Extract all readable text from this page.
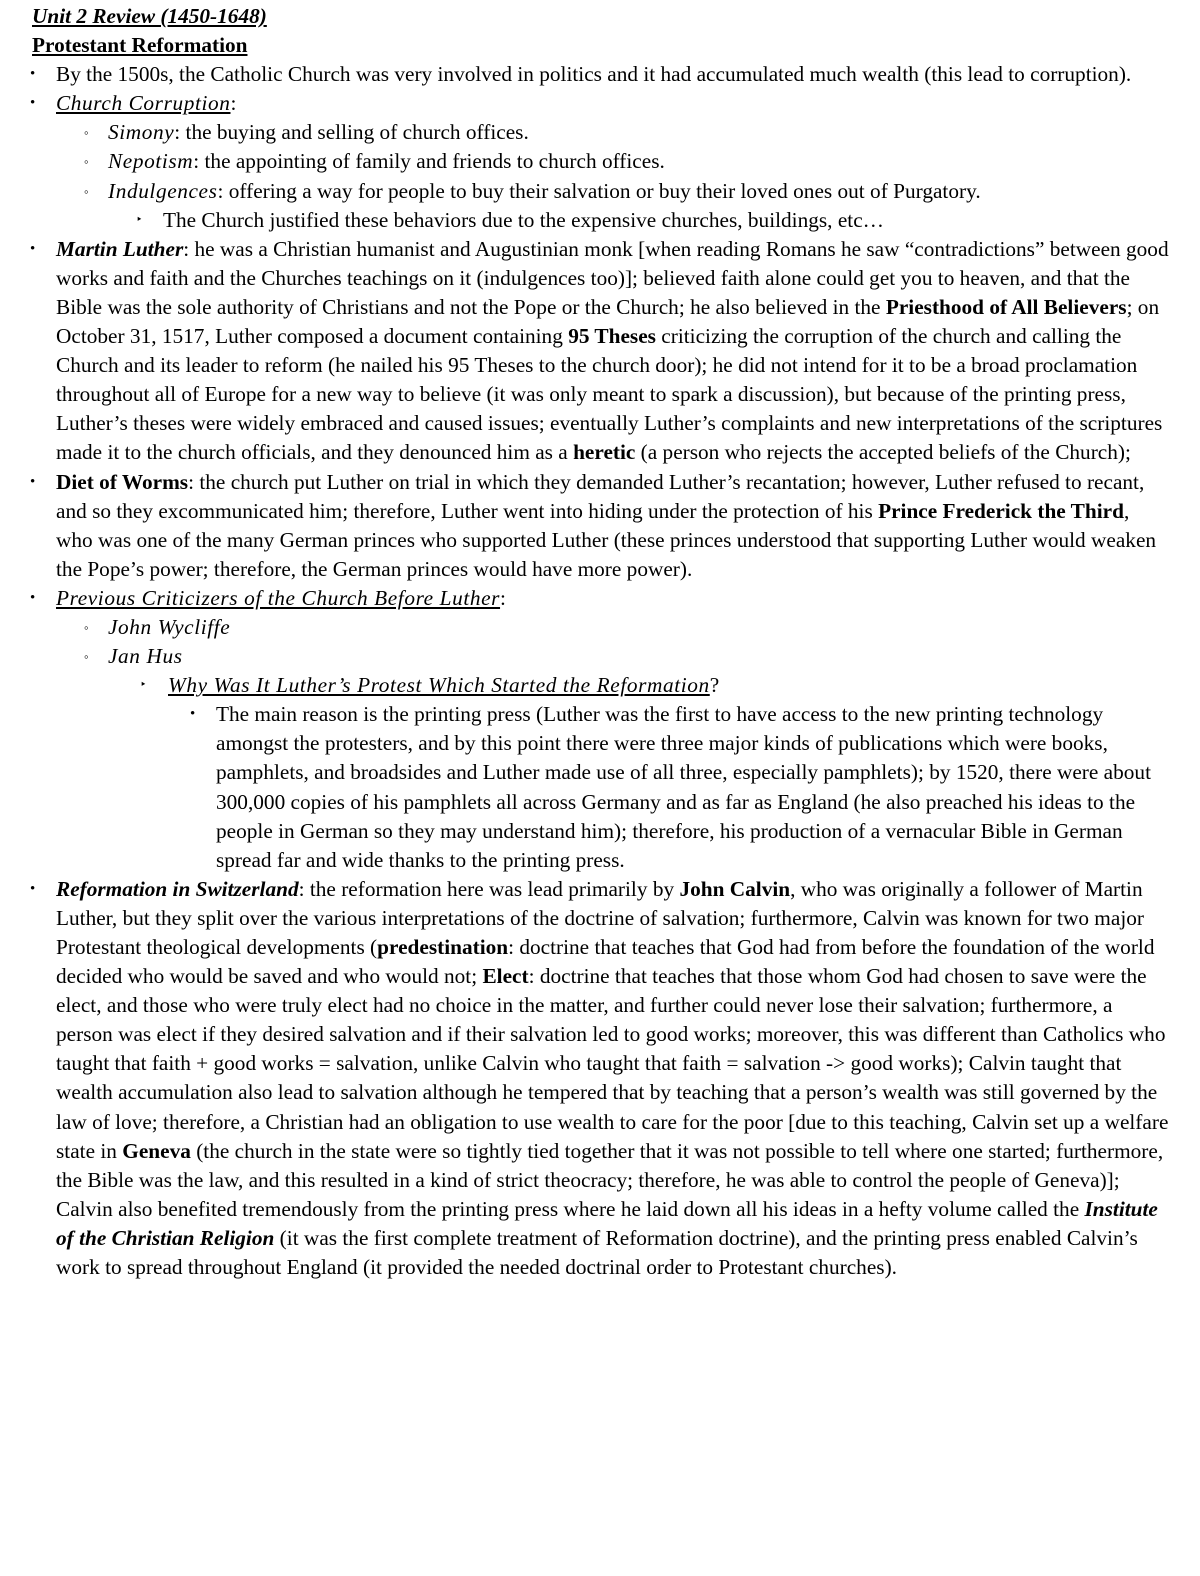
Unit 2 Review (1450-1648)
Protestant Reformation
• By the 1500s, the Catholic Church was very involved in politics and it had accumulated much wealth (this lead to corruption).
• Church Corruption:
◦ Simony: the buying and selling of church offices.
◦ Nepotism: the appointing of family and friends to church offices.
◦ Indulgences: offering a way for people to buy their salvation or buy their loved ones out of Purgatory.
‣ The Church justified these behaviors due to the expensive churches, buildings, etc…
• Martin Luther: he was a Christian humanist and Augustinian monk [when reading Romans he saw “contradictions” between good works and faith and the Churches teachings on it (indulgences too)]; believed faith alone could get you to heaven, and that the Bible was the sole authority of Christians and not the Pope or the Church; he also believed in the Priesthood of All Believers; on October 31, 1517, Luther composed a document containing 95 Theses criticizing the corruption of the church and calling the Church and its leader to reform (he nailed his 95 Theses to the church door); he did not intend for it to be a broad proclamation throughout all of Europe for a new way to believe (it was only meant to spark a discussion), but because of the printing press, Luther’s theses were widely embraced and caused issues; eventually Luther’s complaints and new interpretations of the scriptures made it to the church officials, and they denounced him as a heretic (a person who rejects the accepted beliefs of the Church);
• Diet of Worms: the church put Luther on trial in which they demanded Luther’s recantation; however, Luther refused to recant, and so they excommunicated him; therefore, Luther went into hiding under the protection of his Prince Frederick the Third, who was one of the many German princes who supported Luther (these princes understood that supporting Luther would weaken the Pope’s power; therefore, the German princes would have more power).
• Previous Criticizers of the Church Before Luther:
◦ John Wycliffe
◦ Jan Hus
‣ Why Was It Luther’s Protest Which Started the Reformation?
• The main reason is the printing press (Luther was the first to have access to the new printing technology amongst the protesters, and by this point there were three major kinds of publications which were books, pamphlets, and broadsides and Luther made use of all three, especially pamphlets); by 1520, there were about 300,000 copies of his pamphlets all across Germany and as far as England (he also preached his ideas to the people in German so they may understand him); therefore, his production of a vernacular Bible in German spread far and wide thanks to the printing press.
• Reformation in Switzerland: the reformation here was lead primarily by John Calvin, who was originally a follower of Martin Luther, but they split over the various interpretations of the doctrine of salvation; furthermore, Calvin was known for two major Protestant theological developments (predestination: doctrine that teaches that God had from before the foundation of the world decided who would be saved and who would not; Elect: doctrine that teaches that those whom God had chosen to save were the elect, and those who were truly elect had no choice in the matter, and further could never lose their salvation; furthermore, a person was elect if they desired salvation and if their salvation led to good works; moreover, this was different than Catholics who taught that faith + good works = salvation, unlike Calvin who taught that faith = salvation -> good works); Calvin taught that wealth accumulation also lead to salvation although he tempered that by teaching that a person’s wealth was still governed by the law of love; therefore, a Christian had an obligation to use wealth to care for the poor [due to this teaching, Calvin set up a welfare state in Geneva (the church in the state were so tightly tied together that it was not possible to tell where one started; furthermore, the Bible was the law, and this resulted in a kind of strict theocracy; therefore, he was able to control the people of Geneva)]; Calvin also benefited tremendously from the printing press where he laid down all his ideas in a hefty volume called the Institute of the Christian Religion (it was the first complete treatment of Reformation doctrine), and the printing press enabled Calvin’s work to spread throughout England (it provided the needed doctrinal order to Protestant churches).
